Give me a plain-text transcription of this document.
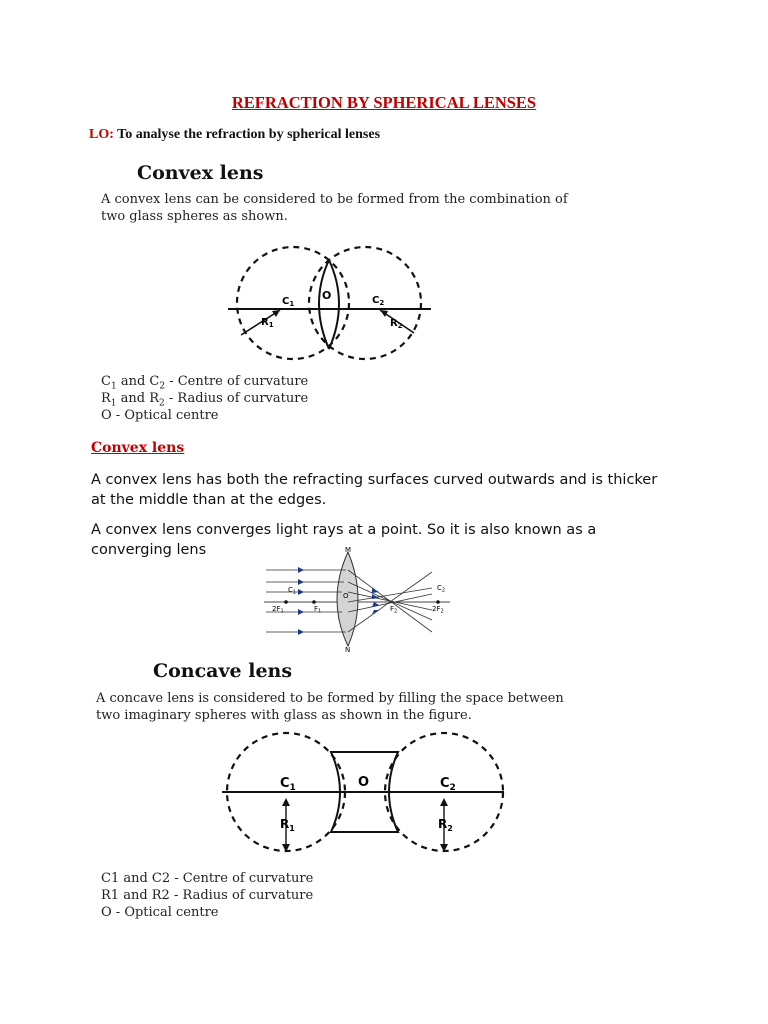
REFRACTION BY SPHERICAL LENSES
LO: To analyse the refraction by spherical lenses
Convex lens
A convex lens can be considered to be formed from the combination of
two glass spheres as shown.
$C_1$
O	$C_2$
$R_1$	$R_2$
$C_1$ and $C_2$ - Centre of curvature
$R_1$ and $R_2$ - Radius of curvature
O - Optical centre
Convex lens
A convex lens has both the refracting surfaces curved outwards and is thicker
at the middle than at the edges.
A convex lens converges light rays at a point. So it is also known as a
converging lens	M
N
O
$C_1$
$C_2$
$2F_1$	$F_1$	$F_2$	$2F_2$
Concave lens
A concave lens is considered to be formed by filling the space between
two imaginary spheres with glass as shown in the figure.
$C_1$	O	$C_2$
$R_1$	$R_2$
C1 and C2 - Centre of curvature
R1 and R2 - Radius of curvature
O - Optical centre
